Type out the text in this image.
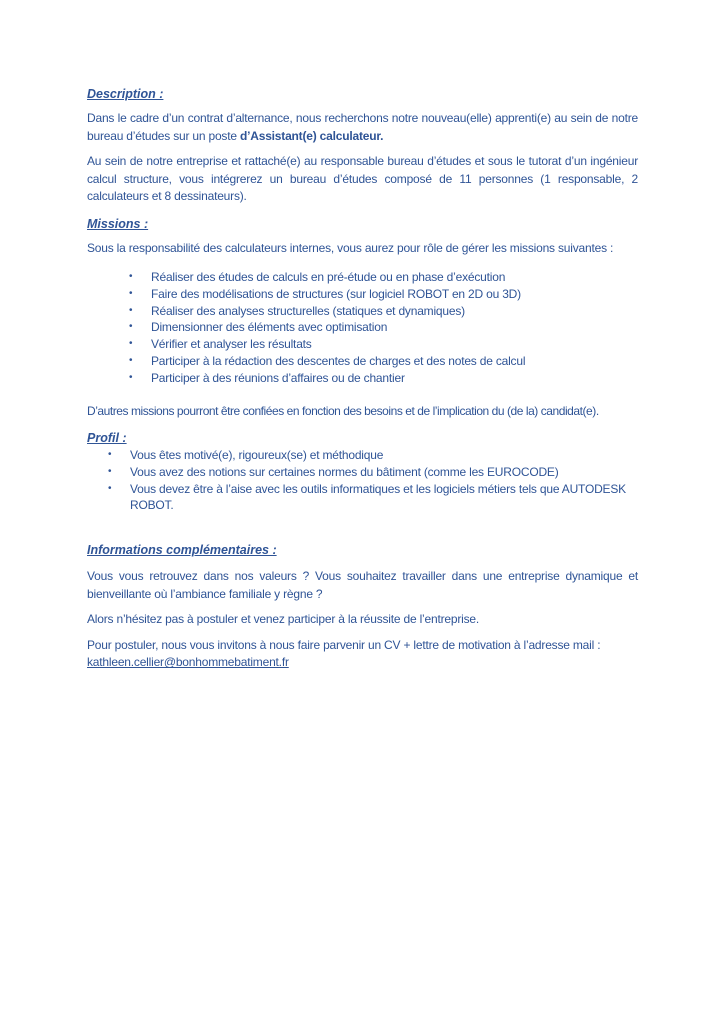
Description :

Dans le cadre d’un contrat d’alternance, nous recherchons notre nouveau(elle) apprenti(e) au sein de notre bureau d’études sur un poste d’Assistant(e) calculateur.

Au sein de notre entreprise et rattaché(e) au responsable bureau d’études et sous le tutorat d’un ingénieur calcul structure, vous intégrerez un bureau d’études composé de 11 personnes (1 responsable, 2 calculateurs et 8 dessinateurs).

Missions :

Sous la responsabilité des calculateurs internes, vous aurez pour rôle de gérer les missions suivantes :

• Réaliser des études de calculs en pré-étude ou en phase d’exécution
• Faire des modélisations de structures (sur logiciel ROBOT en 2D ou 3D)
• Réaliser des analyses structurelles (statiques et dynamiques)
• Dimensionner des éléments avec optimisation
• Vérifier et analyser les résultats
• Participer à la rédaction des descentes de charges et des notes de calcul
• Participer à des réunions d’affaires ou de chantier

D’autres missions pourront être confiées en fonction des besoins et de l’implication du (de la) candidat(e).

Profil :
• Vous êtes motivé(e), rigoureux(se) et méthodique
• Vous avez des notions sur certaines normes du bâtiment (comme les EUROCODE)
• Vous devez être à l’aise avec les outils informatiques et les logiciels métiers tels que AUTODESK ROBOT.
Informations complémentaires :

Vous vous retrouvez dans nos valeurs ? Vous souhaitez travailler dans une entreprise dynamique et bienveillante où l’ambiance familiale y règne ?

Alors n’hésitez pas à postuler et venez participer à la réussite de l’entreprise.

Pour postuler, nous vous invitons à nous faire parvenir un CV + lettre de motivation à l’adresse mail :
kathleen.cellier@bonhommebatiment.fr
